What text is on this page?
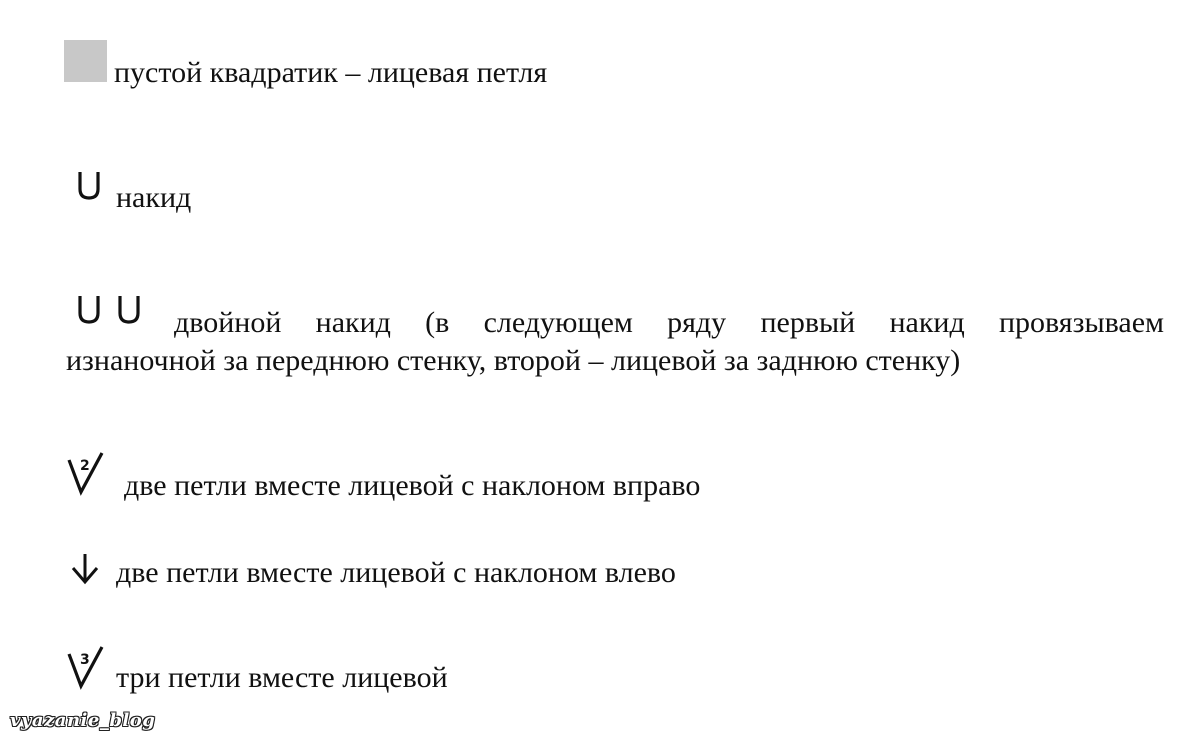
пустой квадратик – лицевая петля
накид
двойной накид (в следующем ряду первый накид провязываем
изнаночной за переднюю стенку, второй – лицевой за заднюю стенку)
2
две петли вместе лицевой с наклоном вправо
две петли вместе лицевой с наклоном влево
3
три петли вместе лицевой
vyazanie_blog
